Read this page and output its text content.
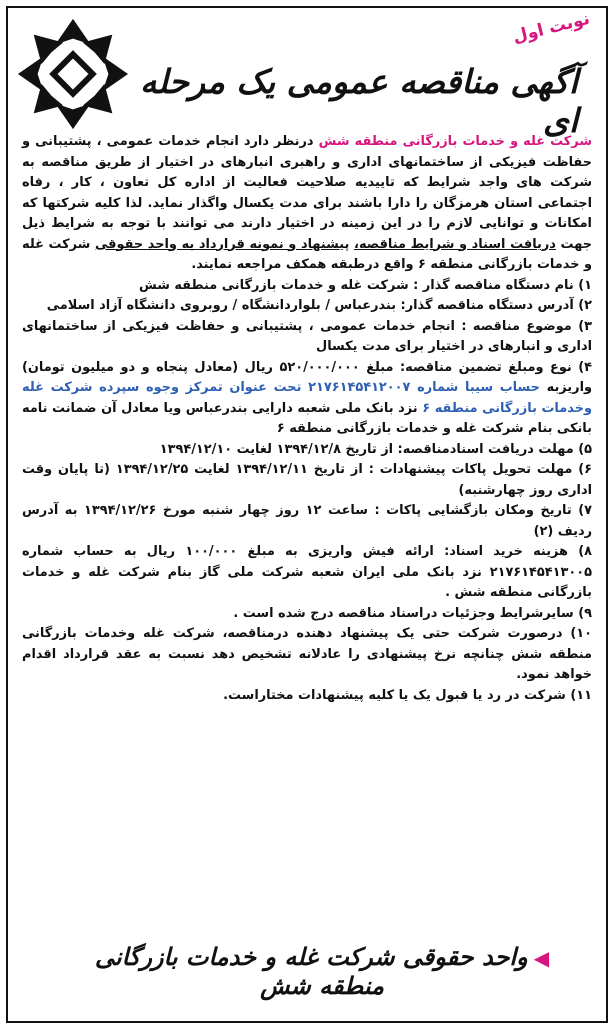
نوبت اول
آگهی مناقصه عمومی یک مرحله ای

شرکت غله و خدمات بازرگانی منطقه شش درنظر دارد انجام خدمات عمومی ، پشتیبانی و حفاظت فیزیکی از ساختمانهای اداری و راهبری انبارهای در اختیار از طریق مناقصه به شرکت های واجد شرایط که تاییدیه صلاحیت فعالیت از اداره کل تعاون ، کار ، رفاه اجتماعی استان هرمزگان را دارا باشند برای مدت یکسال واگذار نماید. لذا کلیه شرکتها که امکانات و توانایی لازم را در این زمینه در اختیار دارند می توانند با توجه به شرایط ذیل جهت دریافت اسناد و شرایط مناقصه، پیشنهاد و نمونه قرارداد به واحد حقوقی شرکت غله و خدمات بازرگانی منطقه ۶ واقع درطبقه همکف مراجعه نمایند.

۱) نام دستگاه مناقصه گذار : شرکت غله و خدمات بازرگانی منطقه شش

۲) آدرس دستگاه مناقصه گذار: بندرعباس / بلواردانشگاه / روبروی دانشگاه آزاد اسلامی

۳) موضوع مناقصه : انجام خدمات عمومی ، پشتیبانی و حفاظت فیزیکی از ساختمانهای اداری و انبارهای در اختیار برای مدت یکسال

۴) نوع ومبلغ تضمین مناقصه: مبلغ ۵۲۰/۰۰۰/۰۰۰ ریال (معادل پنجاه و دو میلیون تومان) واریزبه حساب سیبا شماره ۲۱۷۶۱۴۵۴۱۲۰۰۷ تحت عنوان تمرکز وجوه سپرده شرکت غله وخدمات بازرگانی منطقه ۶ نزد بانک ملی شعبه دارایی بندرعباس ویا معادل آن ضمانت نامه بانکی بنام شرکت غله و خدمات بازرگانی منطقه ۶

۵) مهلت دریافت اسنادمناقصه: از تاریخ ۱۳۹۴/۱۲/۸ لغایت ۱۳۹۴/۱۲/۱۰

۶) مهلت تحویل پاکات پیشنهادات : از تاریخ ۱۳۹۴/۱۲/۱۱ لغایت ۱۳۹۴/۱۲/۲۵ (تا پایان وقت اداری روز چهارشنبه)

۷) تاریخ ومکان بازگشایی پاکات : ساعت ۱۲ روز چهار شنبه مورخ ۱۳۹۴/۱۲/۲۶ به آدرس ردیف (۲)

۸) هزینه خرید اسناد: ارائه فیش واریزی به مبلغ ۱۰۰/۰۰۰ ریال به حساب شماره ۲۱۷۶۱۴۵۴۱۳۰۰۵ نزد بانک ملی ایران شعبه شرکت ملی گاز بنام شرکت غله و خدمات بازرگانی منطقه شش .

۹) سایرشرایط وجزئیات دراسناد مناقصه درج شده است .

۱۰) درصورت شرکت حتی یک پیشنهاد دهنده درمناقصه، شرکت غله وخدمات بازرگانی منطقه شش چنانچه نرخ پیشنهادی را عادلانه تشخیص دهد نسبت به عقد قرارداد اقدام خواهد نمود.

۱۱) شرکت در رد یا قبول یک یا کلیه پیشنهادات مختاراست.

◀واحد حقوقی شرکت غله و خدمات بازرگانی منطقه شش
